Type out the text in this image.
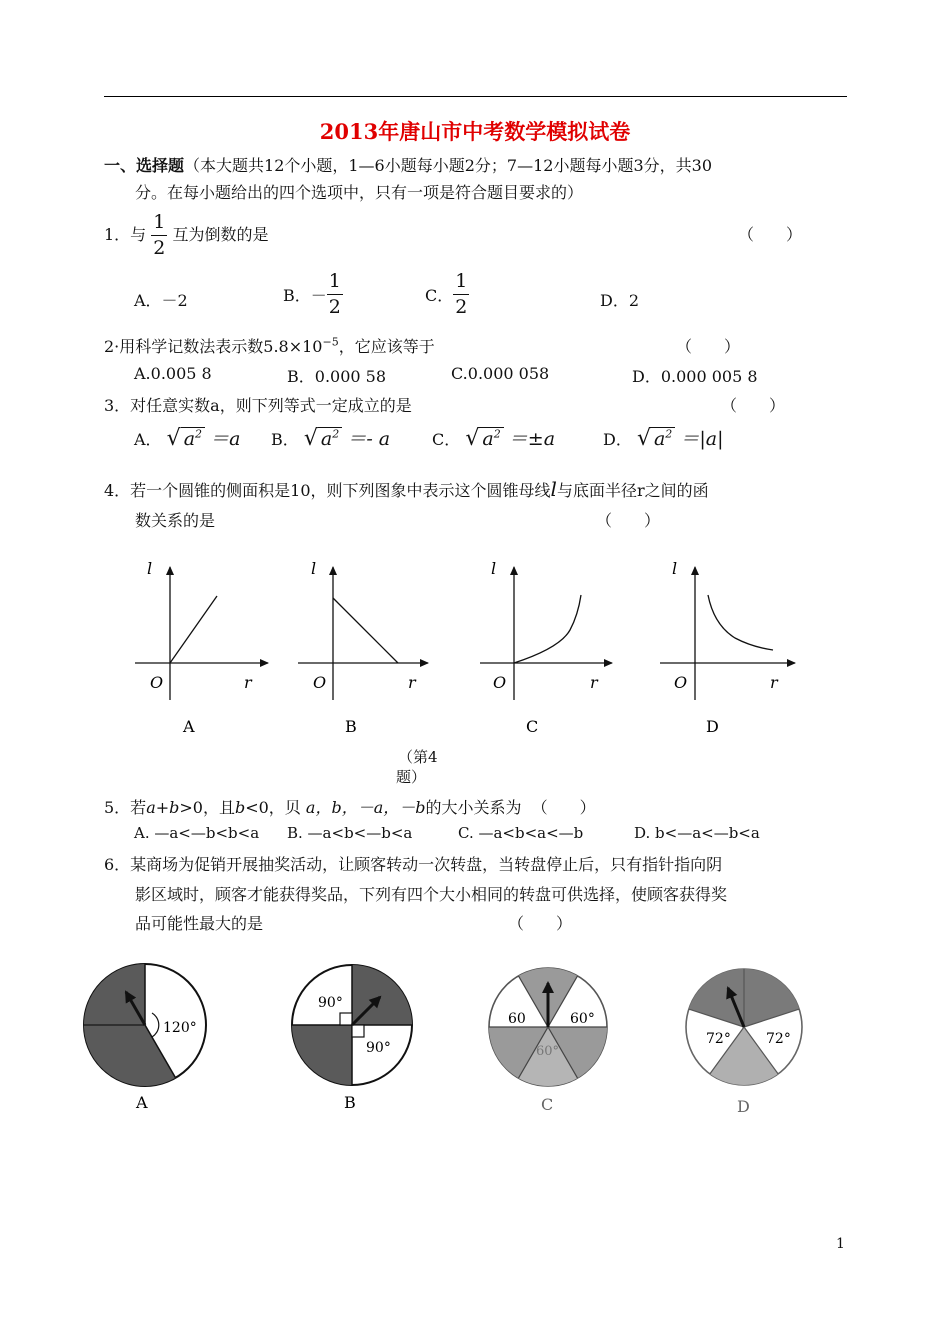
2013年唐山市中考数学模拟试卷
一、选择题（本大题共12个小题，1—6小题每小题2分；7—12小题每小题3分，共30
分。在每小题给出的四个选项中，只有一项是符合题目要求的）
1．与 $\frac{1}{2}$ 互为倒数的是	（　　）
A．－2	B．－ $\frac{1}{2}$	C． $\frac{1}{2}$	D．2
2·用科学记数法表示数$5.8\times 10^{-5}$，它应该等于	（　　）
A.0.005 8	B．0.000 58	C.0.000 058	D．0.000 005 8
3．对任意实数a，则下列等式一定成立的是	（　　）
A． √ $a^2 =a$ B． √ $a^2 =- a$	C． √ $a^2 =\pm a$	D． √ $a^2 =|a|$
4．若一个圆锥的侧面积是10，则下列图象中表示这个圆锥母线l与底面半径r之间的函
数关系的是	（　　）
l
O	r
A
l
O	r
B
l
O	r
C
l
O	r
D
（第4
题）
5．若a+b>0，且b<0，贝 a，b，－a，－b的大小关系为 （　　）
A. —a<—b<b<a B. —a<b<—b<a	C. —a<b<a<—b	D. b<—a<—b<a
6．某商场为促销开展抽奖活动，让顾客转动一次转盘，当转盘停止后，只有指针指向阴
影区域时，顾客才能获得奖品，下列有四个大小相同的转盘可供选择，使顾客获得奖
品可能性最大的是	（　　）
120°
A
90°
90°
B
60	60°
60°
C
72°	72°
D
1
